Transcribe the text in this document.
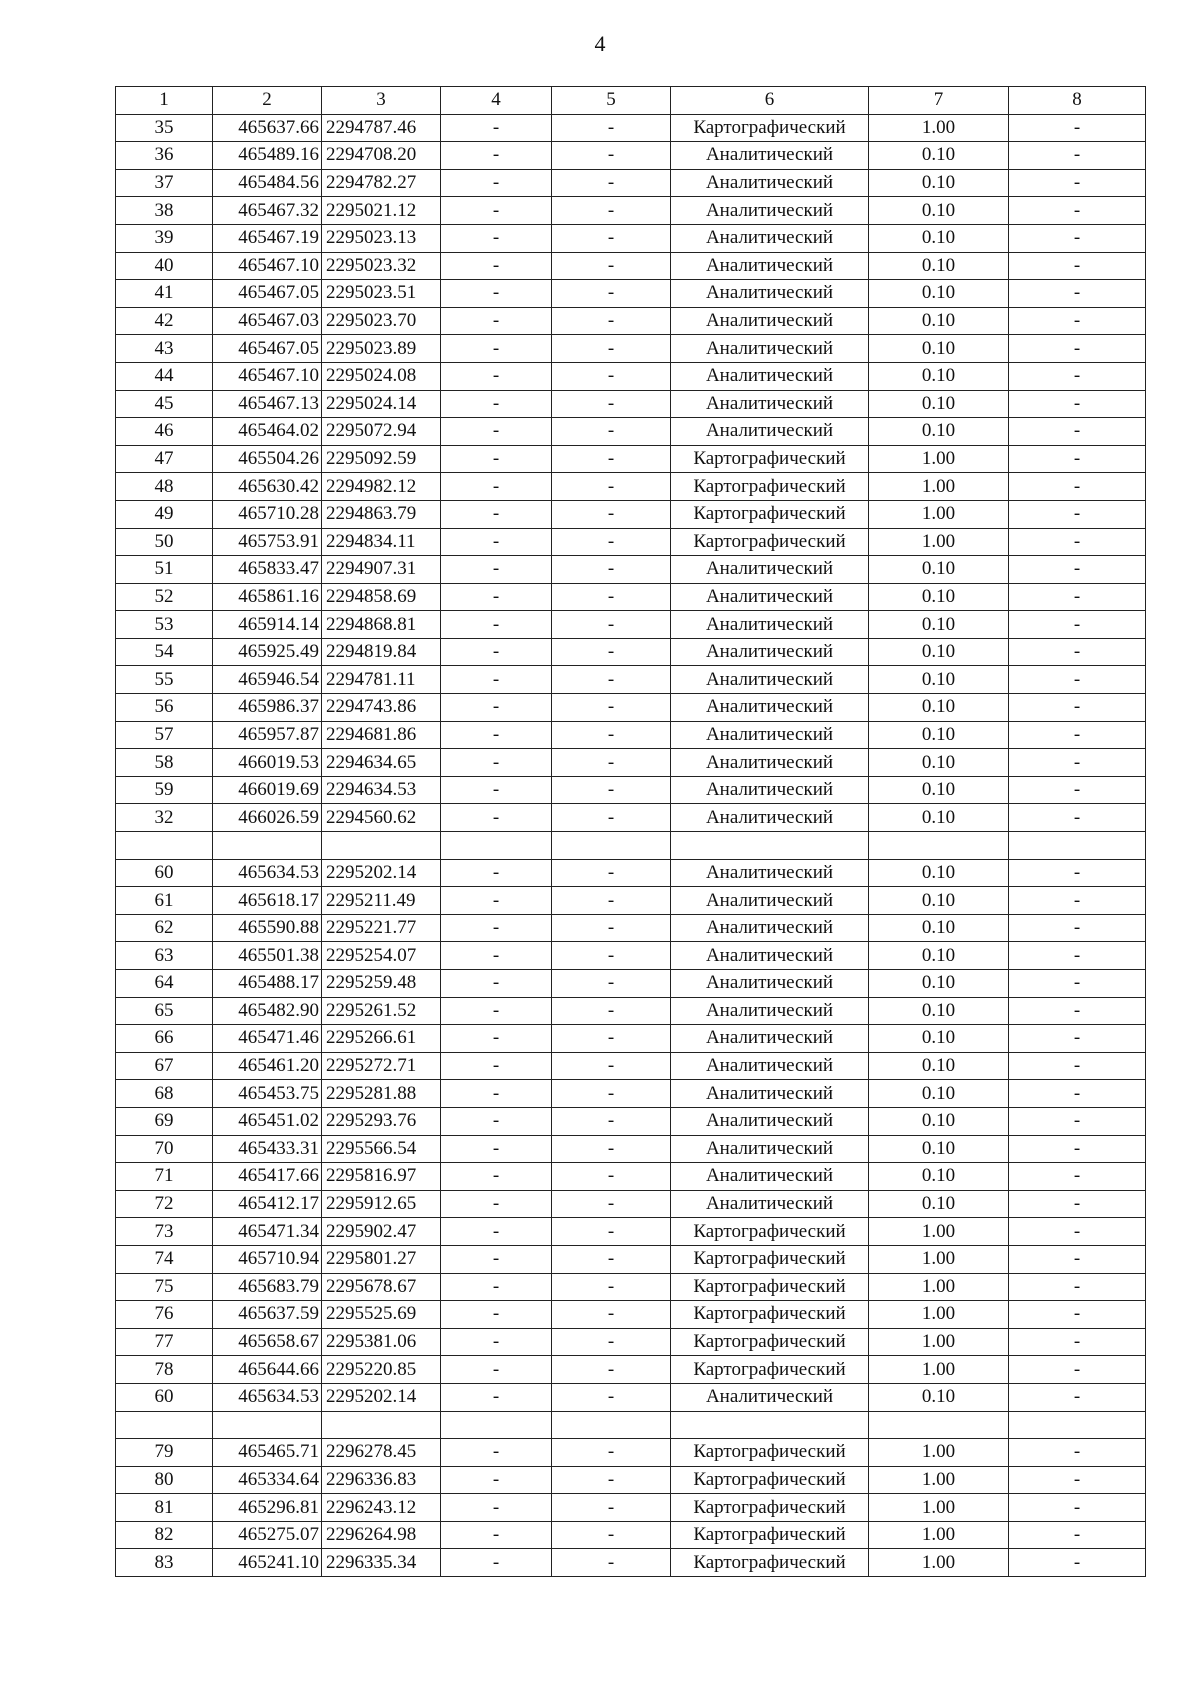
4
1	2	3	4	5	6	7	8
35	465637.66	2294787.46	-	-	Картографический	1.00	-
36	465489.16	2294708.20	-	-	Аналитический	0.10	-
37	465484.56	2294782.27	-	-	Аналитический	0.10	-
38	465467.32	2295021.12	-	-	Аналитический	0.10	-
39	465467.19	2295023.13	-	-	Аналитический	0.10	-
40	465467.10	2295023.32	-	-	Аналитический	0.10	-
41	465467.05	2295023.51	-	-	Аналитический	0.10	-
42	465467.03	2295023.70	-	-	Аналитический	0.10	-
43	465467.05	2295023.89	-	-	Аналитический	0.10	-
44	465467.10	2295024.08	-	-	Аналитический	0.10	-
45	465467.13	2295024.14	-	-	Аналитический	0.10	-
46	465464.02	2295072.94	-	-	Аналитический	0.10	-
47	465504.26	2295092.59	-	-	Картографический	1.00	-
48	465630.42	2294982.12	-	-	Картографический	1.00	-
49	465710.28	2294863.79	-	-	Картографический	1.00	-
50	465753.91	2294834.11	-	-	Картографический	1.00	-
51	465833.47	2294907.31	-	-	Аналитический	0.10	-
52	465861.16	2294858.69	-	-	Аналитический	0.10	-
53	465914.14	2294868.81	-	-	Аналитический	0.10	-
54	465925.49	2294819.84	-	-	Аналитический	0.10	-
55	465946.54	2294781.11	-	-	Аналитический	0.10	-
56	465986.37	2294743.86	-	-	Аналитический	0.10	-
57	465957.87	2294681.86	-	-	Аналитический	0.10	-
58	466019.53	2294634.65	-	-	Аналитический	0.10	-
59	466019.69	2294634.53	-	-	Аналитический	0.10	-
32	466026.59	2294560.62	-	-	Аналитический	0.10	-

60	465634.53	2295202.14	-	-	Аналитический	0.10	-
61	465618.17	2295211.49	-	-	Аналитический	0.10	-
62	465590.88	2295221.77	-	-	Аналитический	0.10	-
63	465501.38	2295254.07	-	-	Аналитический	0.10	-
64	465488.17	2295259.48	-	-	Аналитический	0.10	-
65	465482.90	2295261.52	-	-	Аналитический	0.10	-
66	465471.46	2295266.61	-	-	Аналитический	0.10	-
67	465461.20	2295272.71	-	-	Аналитический	0.10	-
68	465453.75	2295281.88	-	-	Аналитический	0.10	-
69	465451.02	2295293.76	-	-	Аналитический	0.10	-
70	465433.31	2295566.54	-	-	Аналитический	0.10	-
71	465417.66	2295816.97	-	-	Аналитический	0.10	-
72	465412.17	2295912.65	-	-	Аналитический	0.10	-
73	465471.34	2295902.47	-	-	Картографический	1.00	-
74	465710.94	2295801.27	-	-	Картографический	1.00	-
75	465683.79	2295678.67	-	-	Картографический	1.00	-
76	465637.59	2295525.69	-	-	Картографический	1.00	-
77	465658.67	2295381.06	-	-	Картографический	1.00	-
78	465644.66	2295220.85	-	-	Картографический	1.00	-
60	465634.53	2295202.14	-	-	Аналитический	0.10	-

79	465465.71	2296278.45	-	-	Картографический	1.00	-
80	465334.64	2296336.83	-	-	Картографический	1.00	-
81	465296.81	2296243.12	-	-	Картографический	1.00	-
82	465275.07	2296264.98	-	-	Картографический	1.00	-
83	465241.10	2296335.34	-	-	Картографический	1.00	-
